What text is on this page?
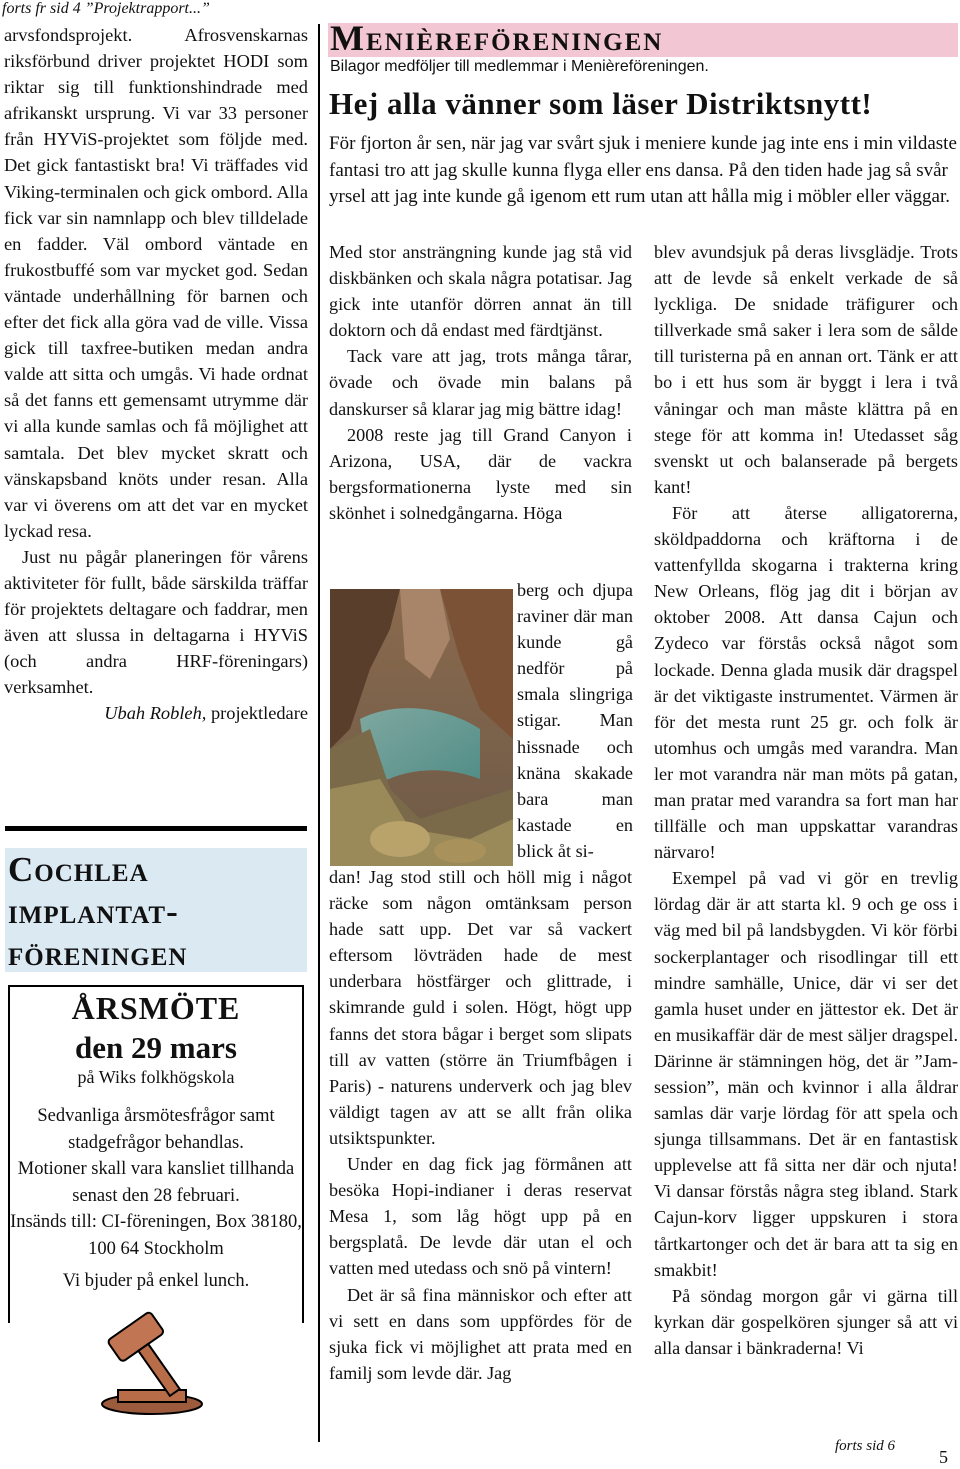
forts fr sid 4 ”Projektrapport...”

arvsfondsprojekt. Afrosvenskarnas riksförbund driver projektet HODI som riktar sig till funktionshindrade med afrikanskt ursprung. Vi var 33 personer från HYViS-projektet som följde med. Det gick fantastiskt bra! Vi träffades vid Viking-terminalen och gick ombord. Alla fick var sin namnlapp och blev tilldelade en fadder. Väl ombord väntade en frukostbuffé som var mycket god. Sedan väntade underhållning för barnen och efter det fick alla göra vad de ville. Vissa gick till taxfree-butiken medan andra valde att sitta och umgås. Vi hade ordnat så det fanns ett gemensamt utrymme där vi alla kunde samlas och få möjlighet att samtala. Det blev mycket skratt och vänskapsband knöts under resan. Alla var vi överens om att det var en mycket lyckad resa.

Just nu pågår planeringen för vårens aktiviteter för fullt, både särskilda träffar för projektets deltagare och faddrar, men även att slussa in deltagarna i HYViS (och andra HRF-föreningars) verksamhet.

Ubah Robleh, projektledare

Cochlea
implantat-
föreningen
ÅRSMÖTE
den 29 mars
på Wiks folkhögskola

Sedvanliga årsmötesfrågor samt stadgefrågor behandlas.

Motioner skall vara kansliet tillhanda senast den 28 februari.

Insänds till: CI-föreningen, Box 38180, 100 64 Stockholm

Vi bjuder på enkel lunch.
Menièreföreningen
Bilagor medföljer till medlemmar i Menièreföreningen.
Hej alla vänner som läser Distriktsnytt!
För fjorton år sen, när jag var svårt sjuk i meniere kunde jag inte ens i min vildaste fantasi tro att jag skulle kunna flyga eller ens dansa. På den tiden hade jag så svår yrsel att jag inte kunde gå igenom ett rum utan att hålla mig i möbler eller väggar.

Med stor ansträngning kunde jag stå vid diskbänken och skala några potatisar. Jag gick inte utanför dörren annat än till doktorn och då endast med färdtjänst.

Tack vare att jag, trots många tårar, övade och övade min balans på danskurser så klarar jag mig bättre idag!

2008 reste jag till Grand Canyon i Arizona, USA, där de vackra bergsformationerna lyste med sin skönhet i solnedgångarna. Höga

berg och djupa raviner där man kunde gå nedför på smala slingriga stigar. Man hissnade och knäna skakade bara man kastade en blick åt si-

dan! Jag stod still och höll mig i något räcke som någon omtänksam person hade satt upp. Det var så vackert eftersom lövträden hade de mest underbara höstfärger och glittrade, i skimrande guld i solen. Högt, högt upp fanns det stora bågar i berget som slipats till av vatten (större än Triumfbågen i Paris) - naturens underverk och jag blev väldigt tagen av att se allt från olika utsiktspunkter.

Under en dag fick jag förmånen att besöka Hopi-indianer i deras reservat Mesa 1, som låg högt upp på en bergsplatå. De levde där utan el och vatten med utedass och snö på vintern!

Det är så fina människor och efter att vi sett en dans som uppfördes för de sjuka fick vi möjlighet att prata med en familj som levde där. Jag

blev avundsjuk på deras livsglädje. Trots att de levde så enkelt verkade de så lyckliga. De snidade träfigurer och tillverkade små saker i lera som de sålde till turisterna på en annan ort. Tänk er att bo i ett hus som är byggt i lera i två våningar och man måste klättra på en stege för att komma in! Utedasset såg svenskt ut och balanserade på bergets kant!

För att återse alligatorerna, sköldpaddorna och kräftorna i de vattenfyllda skogarna i trakterna kring New Orleans, flög jag dit i början av oktober 2008. Att dansa Cajun och Zydeco var förstås också något som lockade. Denna glada musik där dragspel är det viktigaste instrumentet. Värmen är för det mesta runt 25 gr. och folk är utomhus och umgås med varandra. Man ler mot varandra när man möts på gatan, man pratar med varandra sa fort man har tillfälle och man uppskattar varandras närvaro!

Exempel på vad vi gör en trevlig lördag där är att starta kl. 9 och ge oss i väg med bil på landsbygden. Vi kör förbi sockerplantager och risodlingar till ett mindre samhälle, Unice, där vi ser det gamla huset under en jättestor ek. Det är en musikaffär där de mest säljer dragspel. Därinne är stämningen hög, det är ”Jam- session”, män och kvinnor i alla åldrar samlas där varje lördag för att spela och sjunga tillsammans. Det är en fantastisk upplevelse att få sitta ner där och njuta! Vi dansar förstås några steg ibland. Stark Cajun-korv ligger uppskuren i stora tårtkartonger och det är bara att ta sig en smakbit!

På söndag morgon går vi gärna till kyrkan där gospelkören sjunger så att vi alla dansar i bänkraderna! Vi

forts sid 6
5
